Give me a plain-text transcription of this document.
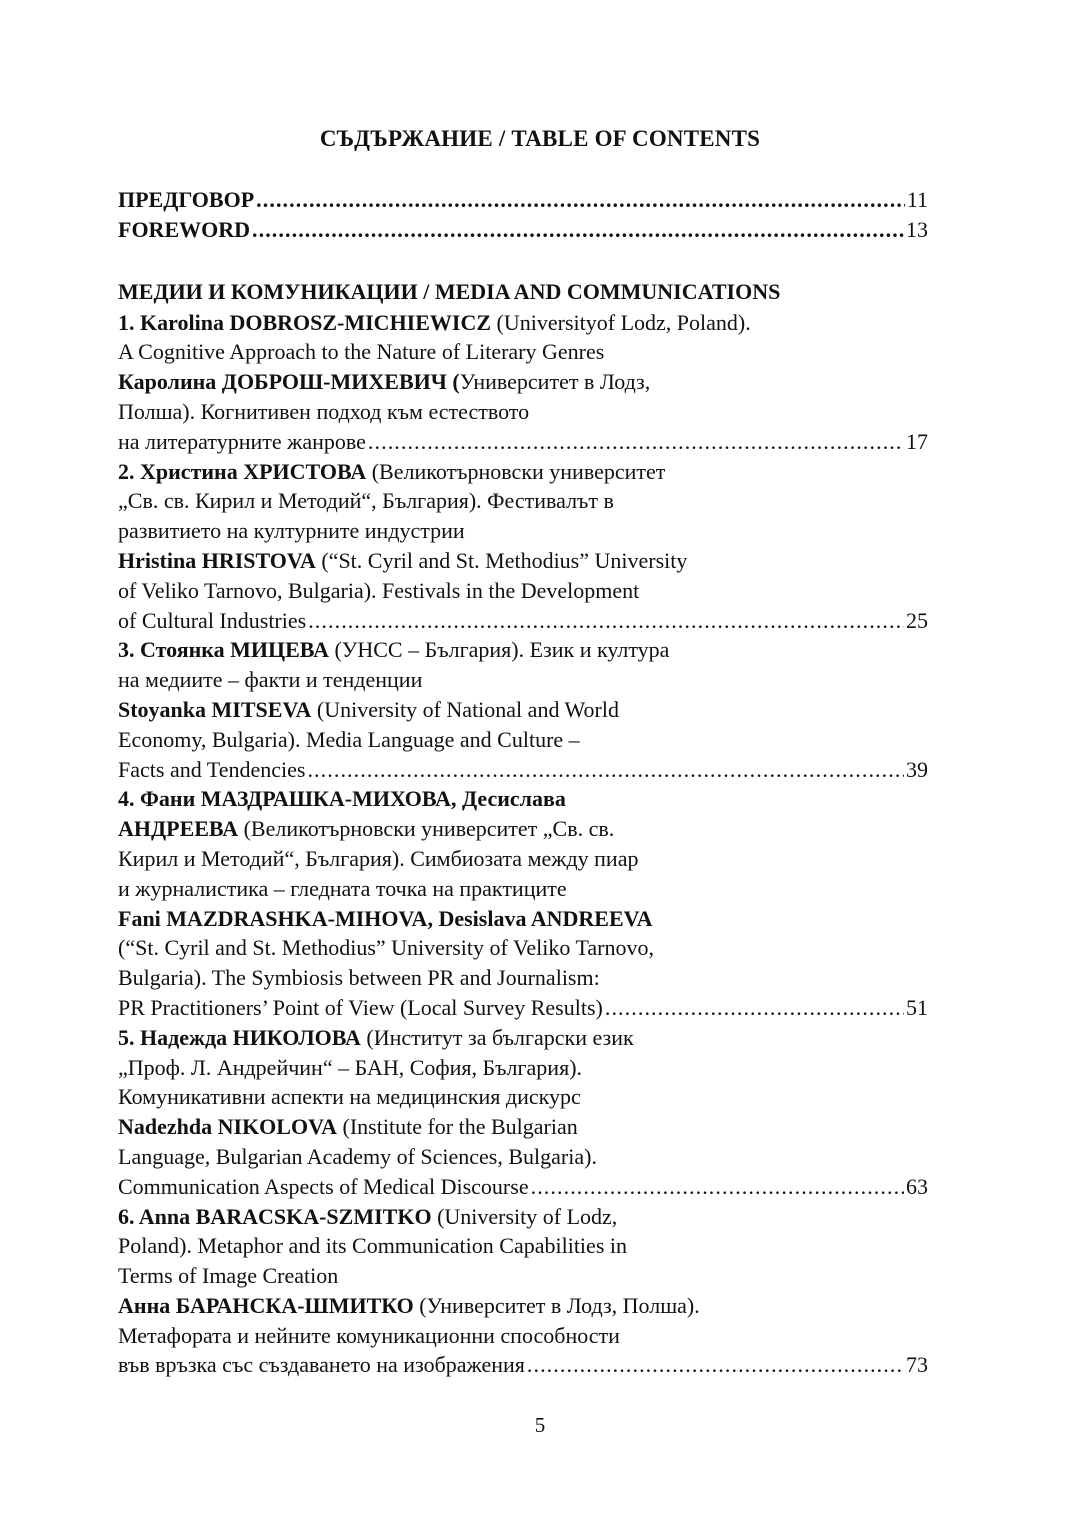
СЪДЪРЖАНИЕ / TABLE OF CONTENTS
ПРЕДГОВОР . . .	11
FOREWORD . . .	13
МЕДИИ И КОМУНИКАЦИИ / MEDIA AND COMMUNICATIONS
1. Karolina DOBROSZ-MICHIEWICZ (Universityof Lodz, Poland).
A Cognitive Approach to the Nature of Literary Genres
Каролина ДОБРОШ-МИХЕВИЧ (Университет в Лодз,
Полша). Когнитивен подход към естеството
на литературните жанрове . . .	17
2. Христина ХРИСТОВА (Великотърновски университет
„Св. св. Кирил и Методий“, България). Фестивалът в
развитието на културните индустрии
Hristina HRISTOVA (“St. Cyril and St. Methodius” University
of Veliko Tarnovo, Bulgaria). Festivals in the Development
of Cultural Industries . . .	25
3. Стоянка МИЦЕВА (УНСС – България). Език и култура
на медиите – факти и тенденции
Stoyanka MITSEVA (University of National and World
Economy, Bulgaria). Media Language and Culture –
Facts and Tendencies . . .	39
4. Фани МАЗДРАШКА-МИХОВА, Десислава
АНДРЕЕВА (Великотърновски университет „Св. св.
Кирил и Методий“, България). Симбиозата между пиар
и журналистика – гледната точка на практиците
Fani MAZDRASHKA-MIHOVA, Desislava ANDREEVA
(“St. Cyril and St. Methodius” University of Veliko Tarnovo,
Bulgaria). The Symbiosis between PR and Journalism:
PR Practitioners’ Point of View (Local Survey Results) . . .	51
5. Надежда НИКОЛОВА (Институт за български език
„Проф. Л. Андрейчин“ – БАН, София, България).
Комуникативни аспекти на медицинския дискурс
Nadezhda NIKOLOVA (Institute for the Bulgarian
Language, Bulgarian Academy of Sciences, Bulgaria).
Communication Aspects of Medical Discourse . . .	63
6. Anna BARACSKA-SZMITKO (University of Lodz,
Poland). Metaphor and its Communication Capabilities in
Terms of Image Creation
Анна БАРАНСКА-ШМИТКО (Университет в Лодз, Полша).
Метафората и нейните комуникационни способности
във връзка със създаването на изображения . . .	73
5
